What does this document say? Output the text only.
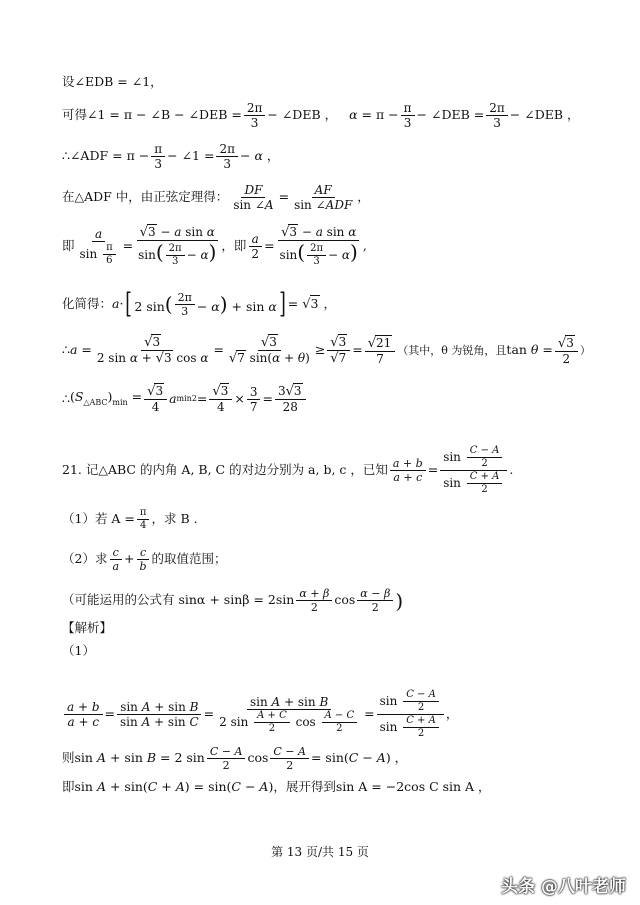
设∠EDB = ∠1，
可得 ∠1 = π − ∠B − ∠DEB = $\frac{2\pi}{3}$ − ∠DEB ， $\alpha = \pi - \frac{\pi}{3}$ − ∠DEB = $\frac{2\pi}{3}$ − ∠DEB ，
∴ ∠ADF = $\pi - \frac{\pi}{3}$ − ∠1 = $\frac{2\pi}{3} - \alpha$ ，
在△ADF 中，由正弦定理得： $\frac{DF}{\sin \angle A} = \frac{AF}{\text{sin ∠ADF}}$ ，
即 $\frac{a}{\sin \frac{\pi}{6}} = \frac{\text{√3 − a sin α}}{\sin( \frac{2\pi}{3} - \alpha)}$ ，即 $\frac{a}{2} = \frac{\text{√3 − a sin α}}{\sin( \frac{2\pi}{3} - \alpha)}$ ,
化简得： a · [ 2 $\sin( \frac{2\pi}{3} - \alpha) + \sin \alpha$ ] = √3 ，
∴ $a = \frac{√3}{\text{2 sin α + √3 cos α}} = \frac{√3}{√7 \sin(\alpha + \theta)} \ge \frac{√3}{√7} = \frac{√21}{7}$ （其中，θ 为锐角，且 $\tan \theta = \frac{√3}{2}$ ）
∴ $(S_{\triangle ABC})_{min} = \frac{√3}{4}$ a $\min 2 = \frac{√3}{4} \times \frac{3}{7} = \frac{3√3}{28}$
21. 记 △ABC 的内角 A, B, C 的对边分别为 a, b, c ，已知 $\frac{a + b}{a + c} = \frac{\sin \frac{C - A}{2}}{\sin \frac{C + A}{2}}$ .
（1）若 $A = \frac{\pi}{4}$ ，求 B .
（2）求 $\frac{c}{a} + \frac{c}{b}$ 的取值范围；
（可能运用的公式有 $\sin\alpha + \sin\beta = 2\sin \frac{\alpha + \beta}{2}$ $\cos \frac{\alpha - \beta}{2}$ )
【解析】
（1）
$\frac{a + b}{a + c} = \frac{\text{sin A + sin B}}{\text{sin A + sin C}} = \frac{\text{sin A + sin B}}{2 \sin \frac{A + C}{2} \cos \frac{A - C}{2}} = \frac{\sin \frac{C - A}{2}}{\sin \frac{C + A}{2}}$ ，
则 sin A + sin B = 2 $\sin \frac{C - A}{2}$ $\cos \frac{C - A}{2} = \sin(C - A)$ ，
即 sin A + sin(C + A) = sin(C − A) ，展开得到 sin A = −2cos C sin A ，
第 13 页/共 15 页
头条 @八叶老师
